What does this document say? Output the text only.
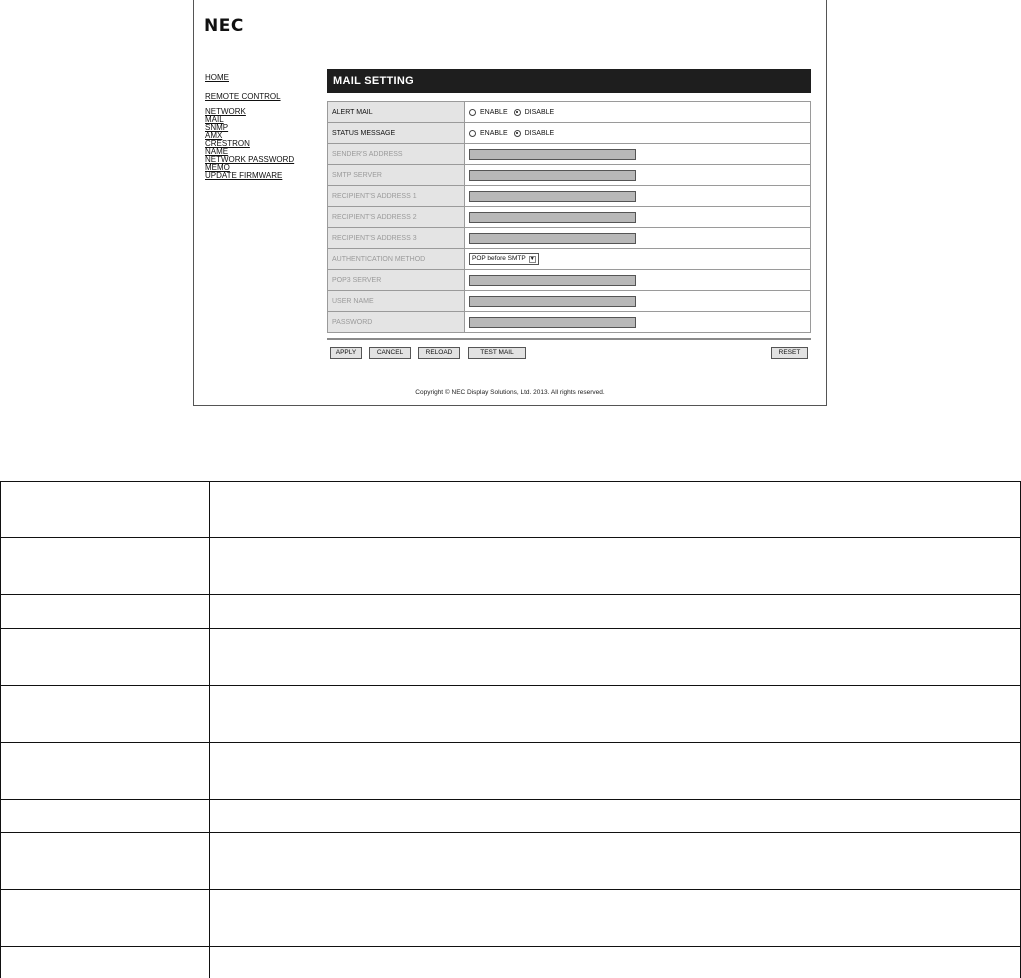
NEC
HOME
REMOTE CONTROL
NETWORK
MAIL
SNMP
AMX
CRESTRON
NAME
NETWORK PASSWORD
MEMO
UPDATE FIRMWARE
MAIL SETTING
ALERT MAIL	ENABLE DISABLE
STATUS MESSAGE	ENABLE DISABLE
SENDER'S ADDRESS
SMTP SERVER
RECIPIENT'S ADDRESS 1
RECIPIENT'S ADDRESS 2
RECIPIENT'S ADDRESS 3
AUTHENTICATION METHOD	POP before SMTP ▼
POP3 SERVER
USER NAME
PASSWORD
APPLY	CANCEL	RELOAD	TEST MAIL	RESET
Copyright © NEC Display Solutions, Ltd. 2013. All rights reserved.
